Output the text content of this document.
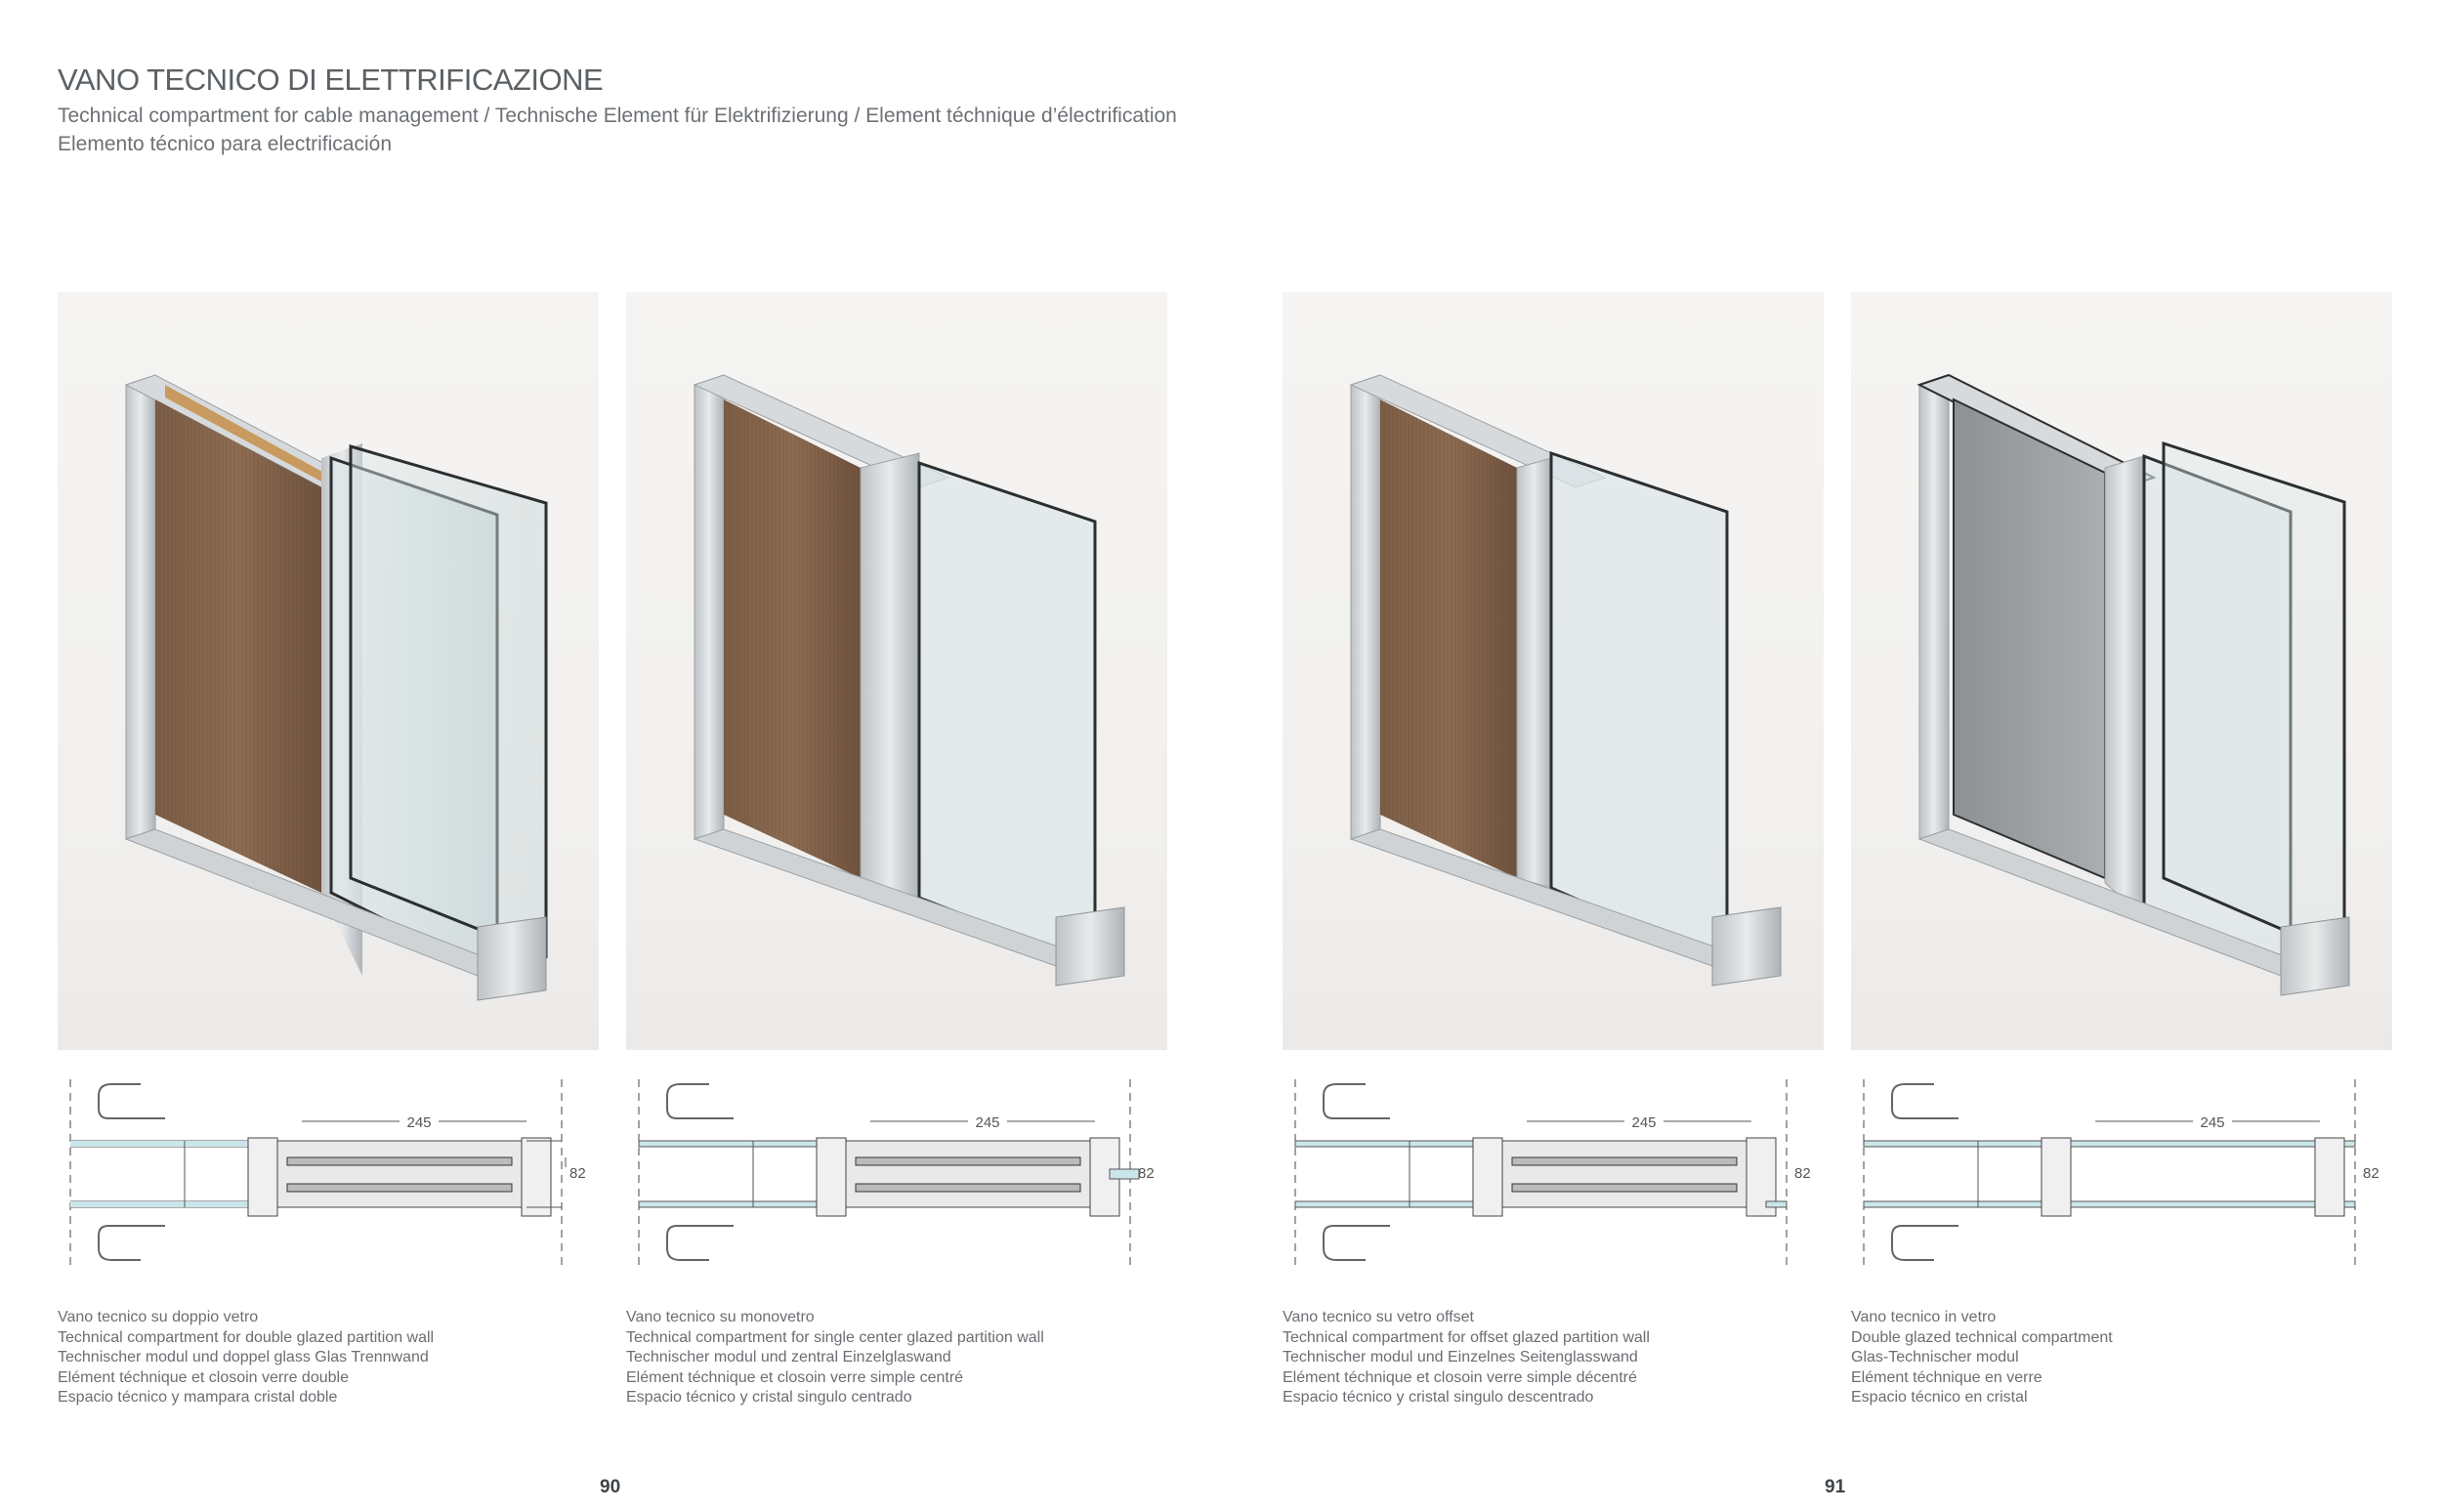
VANO TECNICO DI ELETTRIFICAZIONE
Technical compartment for cable management / Technische Element für Elektrifizierung / Element téchnique d’électrification
Elemento técnico para electrificación
245
82
Vano tecnico su doppio vetro
Technical compartment for double glazed partition wall
Technischer modul und doppel glass Glas Trennwand
Elément téchnique et closoin verre double
Espacio técnico y mampara cristal doble
245
82
Vano tecnico su monovetro
Technical compartment for single center glazed partition wall
Technischer modul und zentral Einzelglaswand
Elément téchnique et closoin verre simple centré
Espacio técnico y cristal singulo centrado
245
82
Vano tecnico su vetro offset
Technical compartment for offset glazed partition wall
Technischer modul und Einzelnes Seitenglasswand
Elément téchnique et closoin verre simple décentré
Espacio técnico y cristal singulo descentrado
245
82
Vano tecnico in vetro
Double glazed technical compartment
Glas-Technischer modul
Elément téchnique en verre
Espacio técnico en cristal
90	91
